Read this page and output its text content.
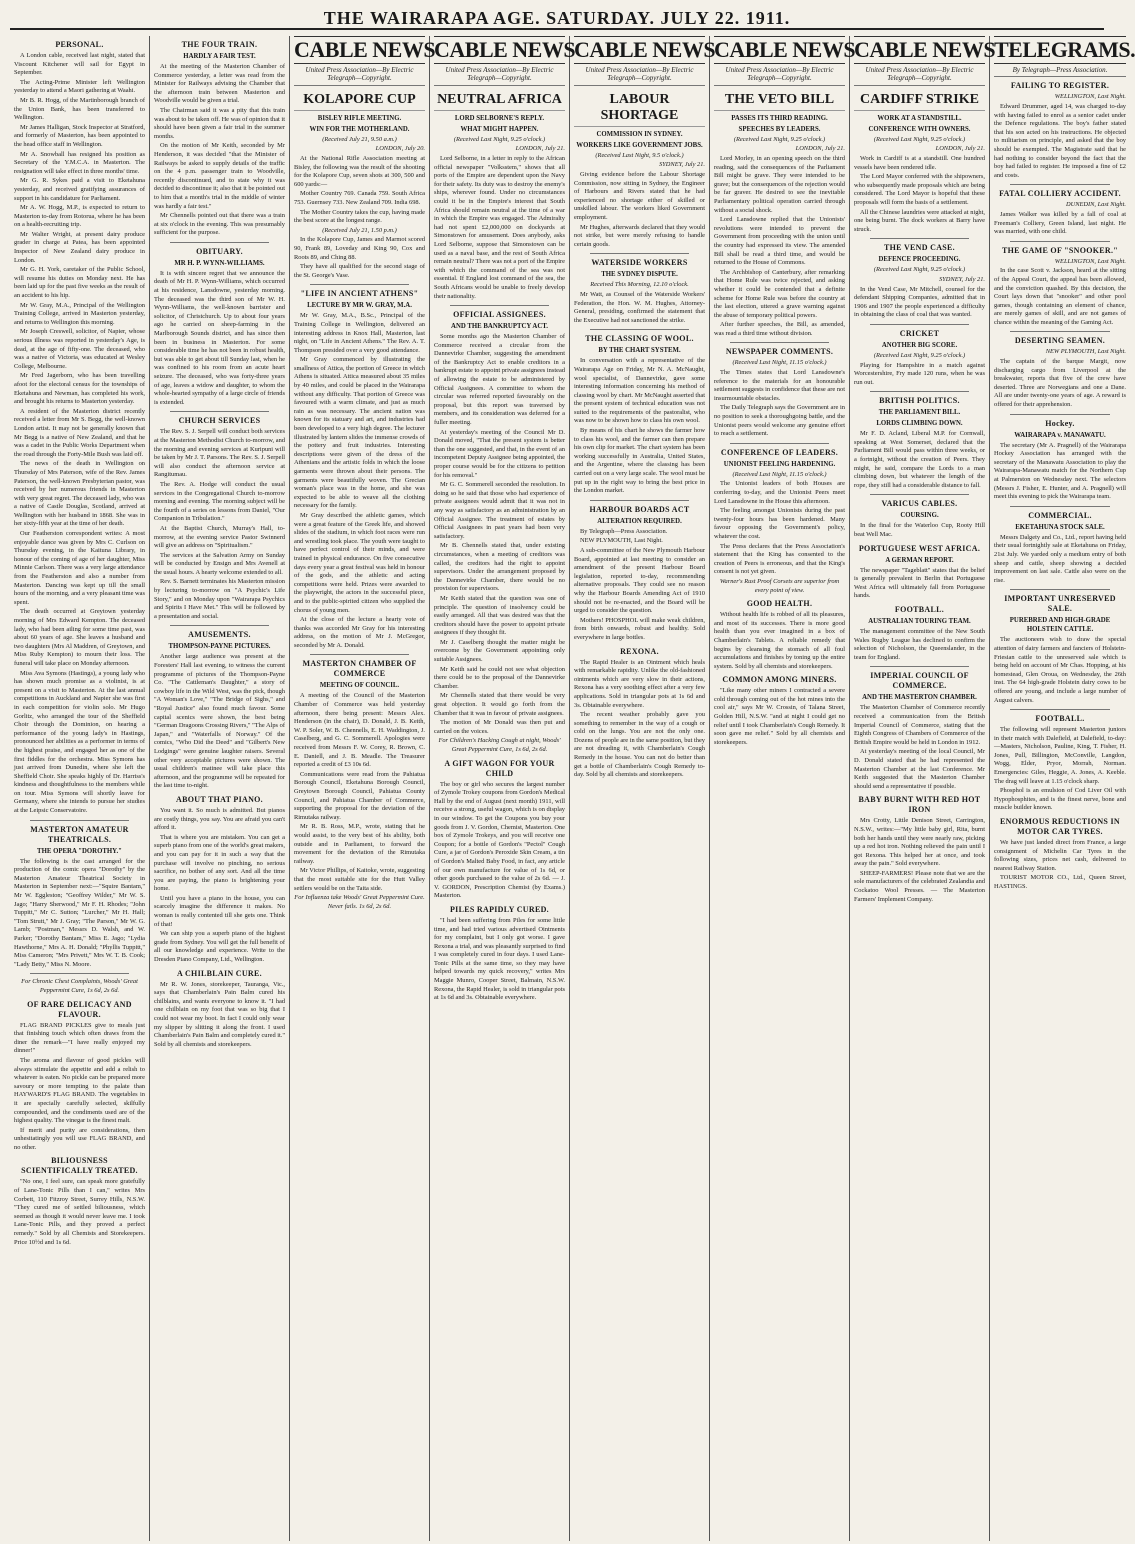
THE WAIRARAPA AGE. SATURDAY. JULY 22. 1911.
PERSONAL.

A London cable, received last night, stated that Viscount Kitchener will sail for Egypt in September.

The Acting-Prime Minister left Wellington yesterday to attend a Maori gathering at Waahi.

Mr B. R. Hogg, of the Martinborough branch of the Union Bank, has been transferred to Wellington.

Mr James Halligan, Stock Inspector at Stratford, and formerly of Masterton, has been appointed to the head office staff in Wellington.

Mr A. Snowball has resigned his position as Secretary of the Y.M.C.A. in Masterton. The resignation will take effect in three months' time.

Mr G. R. Sykes paid a visit to Eketahuna yesterday, and received gratifying assurances of support in his candidature for Parliament.

Mr A. W. Hogg, M.P., is expected to return to Masterton to-day from Rotorua, where he has been on a health-recruiting trip.

Mr Walter Wright, at present dairy produce grader in charge at Patea, has been appointed Inspector of New Zealand dairy produce in London.

Mr G. H. York, caretaker of the Public School, will resume his duties on Monday next. He has been laid up for the past five weeks as the result of an accident to his hip.

Mr W. Gray, M.A., Principal of the Wellington Training College, arrived in Masterton yesterday, and returns to Wellington this morning.

Mr Joseph Creswell, solicitor, of Napier, whose serious illness was reported in yesterday's Age, is dead, at the age of fifty-one. The deceased, who was a native of Victoria, was educated at Wesley College, Melbourne.

Mr Fred Jagerborn, who has been travelling afoot for the electoral census for the townships of Eketahuna and Newman, has completed his work, and brought his returns to Masterton yesterday.

A resident of the Masterton district recently received a letter from Mr S. Begg, the well-known London artist. It may not be generally known that Mr Begg is a native of New Zealand, and that he was a cadet in the Public Works Department when the road through the Forty-Mile Bush was laid off.

The news of the death in Wellington on Thursday of Mrs Paterson, wife of the Rev. James Paterson, the well-known Presbyterian pastor, was received by her numerous friends in Masterton with very great regret. The deceased lady, who was a native of Castle Douglas, Scotland, arrived at Wellington with her husband in 1868. She was in her sixty-fifth year at the time of her death.

Our Featherston correspondent writes: A most enjoyable dance was given by Mrs C. Curlson on Thursday evening, in the Kaituna Library, in honour of the coming of age of her daughter, Miss Minnie Carlson. There was a very large attendance from the Featherston and also a number from Masterton. Dancing was kept up till the small hours of the morning, and a very pleasant time was spent.

The death occurred at Greytown yesterday morning of Mrs Edward Kempton. The deceased lady, who had been ailing for some time past, was about 60 years of age. She leaves a husband and two daughters (Mrs Al Maddren, of Greytown, and Miss Ruby Kempton) to mourn their loss. The funeral will take place on Monday afternoon.

Miss Ava Symons (Hastings), a young lady who has shown much promise as a violinist, is at present on a visit to Masterton. At the last annual competitions in Auckland and Napier she was first in each competition for violin solo. Mr Hugo Gorlitz, who arranged the tour of the Sheffield Choir through the Dominion, on hearing a performance of the young lady's in Hastings, pronounced her abilities as a performer in terms of the highest praise, and engaged her as one of the first fiddles for the orchestra. Miss Symons has just arrived from Dunedin, where she left the Sheffield Choir. She speaks highly of Dr. Harriss's kindness and thoughtfulness to the members while on tour. Miss Symons will shortly leave for Germany, where she intends to pursue her studies at the Leipsic Conservatoire.

MASTERTON AMATEUR THEATRICALS.
THE OPERA "DOROTHY."

The following is the cast arranged for the production of the comic opera "Dorothy" by the Masterton Amateur Theatrical Society in Masterton in September next:—"Squire Bantam," Mr W. Eggleston; "Geoffrey Wilder," Mr W. S. Jago; "Harry Sherwood," Mr F. H. Rhodes; "John Tuppitt," Mr C. Sutton; "Lurcher," Mr H. Hall; "Tom Strutt," Mr J. Gray; "The Parson," Mr W. G. Lamb; "Postman," Messrs D. Walsh, and W. Parker; "Dorothy Bantam," Miss E. Jago; "Lydia Hawthorne," Mrs A. H. Donald; "Phyllis Tuppitt," Miss Cameron; "Mrs Privett," Mrs W. T. B. Cook; "Lady Betty," Miss N. Moore.

For Chronic Chest Complaints, Woods' Great Peppermint Cure, 1s 6d, 2s 6d.

OF RARE DELICACY AND FLAVOUR.

FLAG BRAND PICKLES give to meals just that finishing touch which often draws from the diner the remark—"I have really enjoyed my dinner!"

The aroma and flavour of good pickles will always stimulate the appetite and add a relish to whatever is eaten. No pickle can be prepared more savoury or more tempting to the palate than HAYWARD'S FLAG BRAND. The vegetables in it are specially carefully selected, skilfully compounded, and the condiments used are of the highest quality. The vinegar is the finest malt.

If merit and purity are considerations, then unhesitatingly you will use FLAG BRAND, and no other.

BILIOUSNESS SCIENTIFICALLY TREATED.

"No one, I feel sure, can speak more gratefully of Lane-Tonic Pills than I can," writes Mrs Corbett, 110 Fitzroy Street, Surrey Hills, N.S.W. "They cured me of settled biliousness, which seemed as though it would never leave me. I took Lane-Tonic Pills, and they proved a perfect remedy." Sold by all Chemists and Storekeepers. Price 10½d and 1s 6d.

THE FOUR TRAIN.
HARDLY A FAIR TEST.

At the meeting of the Masterton Chamber of Commerce yesterday, a letter was read from the Minister for Railways advising the Chamber that the afternoon train between Masterton and Woodville would be given a trial.

The Chairman said it was a pity that this train was about to be taken off. He was of opinion that it should have been given a fair trial in the summer months.

On the motion of Mr Keith, seconded by Mr Henderson, it was decided "that the Minister of Railways be asked to supply details of the traffic on the 4 p.m. passenger train to Woodville, recently discontinued, and to state why it was decided to discontinue it; also that it be pointed out to him that a month's trial in the middle of winter was hardly a fair test."

Mr Chennells pointed out that there was a train at six o'clock in the evening. This was presumably sufficient for the purpose.

OBITUARY.
MR H. P. WYNN-WILLIAMS.

It is with sincere regret that we announce the death of Mr H. P. Wynn-Williams, which occurred at his residence, Lansdowne, yesterday morning. The deceased was the third son of Mr W. H. Wynn-Williams, the well-known barrister and solicitor, of Christchurch. Up to about four years ago he carried on sheep-farming in the Marlborough Sounds district, and has since then been in business in Masterton. For some considerable time he has not been in robust health, but was able to get about till Sunday last, when he was confined to his room from an acute heart seizure. The deceased, who was forty-three years of age, leaves a widow and daughter, to whom the whole-hearted sympathy of a large circle of friends is extended.

CHURCH SERVICES

The Rev. S. J. Serpell will conduct both services at the Masterton Methodist Church to-morrow, and the morning and evening services at Kuripuni will be taken by Mr J. T. Parsons. The Rev. S. J. Serpell will also conduct the afternoon service at Rangitumau.

The Rev. A. Hodge will conduct the usual services in the Congregational Church to-morrow morning and evening. The morning subject will be the fourth of a series on lessons from Daniel, "Our Companion in Tribulation."

At the Baptist Church, Murray's Hall, to-morrow, at the evening service Pastor Swinnerd will give an address on "Spiritualism."

The services at the Salvation Army on Sunday will be conducted by Ensign and Mrs Avenell at the usual hours. A hearty welcome extended to all.

Rev. S. Barnett terminates his Masterton mission by lecturing to-morrow on "A Psychic's Life Story," and on Monday upon "Wairarapa Psychics and Spirits I Have Met." This will be followed by a presentation and social.

AMUSEMENTS.
THOMPSON-PAYNE PICTURES.

Another large audience was present at the Foresters' Hall last evening, to witness the current programme of pictures of the Thompson-Payne Co. "The Cattleman's Daughter," a story of cowboy life in the Wild West, was the pick, though "A Woman's Love," "The Bridge of Sighs," and "Royal Justice" also found much favour. Some capital scenics were shown, the best being "German Dragoons Crossing Rivers," "The Alps of Japan," and "Waterfalls of Norway." Of the comics, "Who Did the Deed" and "Gilbert's New Lodgings" were genuine laughter raisers. Several other very acceptable pictures were shown. The usual children's matinee will take place this afternoon, and the programme will be repeated for the last time to-night.

ABOUT THAT PIANO.

You want it. So much is admitted. But pianos are costly things, you say. You are afraid you can't afford it.

That is where you are mistaken. You can get a superb piano from one of the world's great makers, and you can pay for it in such a way that the purchase will involve no pinching, no serious sacrifice, no bother of any sort. And all the time you are paying, the piano is brightening your home.

Until you have a piano in the house, you can scarcely imagine the difference it makes. No woman is really contented till she gets one. Think of that!

We can ship you a superb piano of the highest grade from Sydney. You will get the full benefit of all our knowledge and experience. Write to the Dresden Piano Company, Ltd., Wellington.

A CHILBLAIN CURE.

Mr R. W. Jones, storekeeper, Tauranga, Vic., says that Chamberlain's Pain Balm cured his chilblains, and wants everyone to know it. "I had one chilblain on my foot that was so big that I could not wear my boot. In fact I could only wear my slipper by slitting it along the front. I used Chamberlain's Pain Balm and completely cured it." Sold by all chemists and storekeepers.

CABLE NEWS
United Press Association—By Electric Telegraph—Copyright.
KOLAPORE CUP
BISLEY RIFLE MEETING.
WIN FOR THE MOTHERLAND.

(Received July 21, 9.50 a.m.)

LONDON, July 20.

At the National Rifle Association meeting at Bisley, the following was the result of the shooting for the Kolapore Cup, seven shots at 300, 500 and 600 yards:—

Mother Country 769. Canada 759. South Africa 753. Guernsey 733. New Zealand 709. India 698.

The Mother Country takes the cup, having made the best score at the longest range.

(Received July 21, 1.50 p.m.)

In the Kolapore Cup, James and Marmot scored 90, Frank 89, Loveday and King 90, Cox and Roots 89, and Ching 88.

They have all qualified for the second stage of the St. George's Vase.

"LIFE IN ANCIENT ATHENS"
LECTURE BY MR W. GRAY, M.A.

Mr W. Gray, M.A., B.Sc., Principal of the Training College in Wellington, delivered an interesting address in Knox Hall, Masterton, last night, on "Life in Ancient Athens." The Rev. A. T. Thompson presided over a very good attendance.

Mr Gray commenced by illustrating the smallness of Attica, the portion of Greece in which Athens is situated. Attica measured about 35 miles by 40 miles, and could be placed in the Wairarapa without any difficulty. That portion of Greece was favoured with a warm climate, and just as much rain as was necessary. The ancient nation was known for its statuary and art, and industries had been developed to a very high degree. The lecturer illustrated by lantern slides the immense crowds of the pottery and fruit industries. Interesting descriptions were given of the dress of the Athenians and the artistic folds in which the loose garments were thrown about their persons. The garments were beautifully woven. The Grecian woman's place was in the home, and she was expected to be able to weave all the clothing necessary for the family.

Mr Gray described the athletic games, which were a great feature of the Greek life, and showed slides of the stadium, in which foot races were run and wrestling took place. The youth were taught to have perfect control of their minds, and were trained in physical endurance. On five consecutive days every year a great festival was held in honour of the gods, and the athletic and acting competitions were held. Prizes were awarded to the playwright, the actors in the successful piece, and to the public-spirited citizen who supplied the chorus of young men.

At the close of the lecture a hearty vote of thanks was accorded Mr Gray for his interesting address, on the motion of Mr J. McGregor, seconded by Mr A. Donald.

MASTERTON CHAMBER OF COMMERCE
MEETING OF COUNCIL.

A meeting of the Council of the Masterton Chamber of Commerce was held yesterday afternoon, there being present: Messrs Alex. Henderson (in the chair), D. Donald, J. B. Keith, W. P. Soler, W. B. Chennells, E. H. Waddington, J. Caselberg, and G. C. Sommerell. Apologies were received from Messrs F. W. Corey, R. Brown, C. E. Daniell, and J. B. Meadle. The Treasurer reported a credit of £3 10s 6d.

Communications were read from the Pahiatua Borough Council, Eketahuna Borough Council, Greytown Borough Council, Pahiatua County Council, and Pahiatua Chamber of Commerce, supporting the proposal for the deviation of the Rimutaka railway.

Mr R. B. Ross, M.P., wrote, stating that he would assist, to the very best of his ability, both outside and in Parliament, to forward the movement for the deviation of the Rimutaka railway.

Mr Victor Phillips, of Kaitoke, wrote, suggesting that the most suitable site for the Hutt Valley settlers would be on the Taita side.

For Influenza take Woods' Great Peppermint Cure. Never fails. 1s 6d, 2s 6d.

CABLE NEWS
United Press Association—By Electric Telegraph—Copyright.
NEUTRAL AFRICA
LORD SELBORNE'S REPLY.
WHAT MIGHT HAPPEN.

(Received Last Night, 9.25 o'clock.)

LONDON, July 21.

Lord Selborne, in a letter in reply to the African official newspaper "Volksstem," shows that all ports of the Empire are dependent upon the Navy for their safety. Its duty was to destroy the enemy's ships, wherever found. Under no circumstances could it be in the Empire's interest that South Africa should remain neutral at the time of a war in which the Empire was engaged. The Admiralty had not spent £2,000,000 on dockyards at Simonstown for amusement. Does anybody, asks Lord Selborne, suppose that Simonstown can be used as a naval base, and the rest of South Africa remain neutral? There was not a port of the Empire with which the command of the sea was not essential. If England lost command of the sea, the South Africans would be unable to freely develop their nationality.

OFFICIAL ASSIGNEES.
AND THE BANKRUPTCY ACT.

Some months ago the Masterton Chamber of Commerce received a circular from the Dannevirke Chamber, suggesting the amendment of the Bankruptcy Act to enable creditors in a bankrupt estate to appoint private assignees instead of allowing the estate to be administered by Official Assignees. A committee to whom the circular was referred reported favourably on the proposal, but this report was traversed by members, and its consideration was deferred for a fuller meeting.

At yesterday's meeting of the Council Mr D. Donald moved, "That the present system is better than the one suggested, and that, in the event of an incompetent Deputy Assignee being appointed, the proper course would be for the citizens to petition for his removal."

Mr G. C. Sommerell seconded the resolution. In doing so he said that those who had experience of private assignees would admit that it was not in any way as satisfactory as an administration by an Official Assignee. The treatment of estates by Official Assignees in past years had been very satisfactory.

Mr B. Chennells stated that, under existing circumstances, when a meeting of creditors was called, the creditors had the right to appoint supervisors. Under the arrangement proposed by the Dannevirke Chamber, there would be no provision for supervisors.

Mr Keith stated that the question was one of principle. The question of insolvency could be easily arranged. All that was desired was that the creditors should have the power to appoint private assignees if they thought fit.

Mr J. Caselberg thought the matter might be overcome by the Government appointing only suitable Assignees.

Mr Keith said he could not see what objection there could be to the proposal of the Dannevirke Chamber.

Mr Chennells stated that there would be very great objection. It would go forth from the Chamber that it was in favour of private assignees.

The motion of Mr Donald was then put and carried on the voices.

For Children's Hacking Cough at night, Woods' Great Peppermint Cure, 1s 6d, 2s 6d.

A GIFT WAGON FOR YOUR CHILD

The boy or girl who secures the largest number of Zymole Trokey coupons from Gordon's Medical Hall by the end of August (next month) 1911, will receive a strong, useful wagon, which is on display in our window. To get the Coupons you buy your goods from J. V. Gordon, Chemist, Masterton. One box of Zymole Trokeys, and you will receive one Coupon; for a bottle of Gordon's "Pectol" Cough Cure, a jar of Gordon's Peroxide Skin Cream, a tin of Gordon's Malted Baby Food, in fact, any article of our own manufacture for value of 1s 6d, or other goods purchased to the value of 2s 6d. — J. V. GORDON, Prescription Chemist (by Exams.) Masterton.

PILES RAPIDLY CURED.

"I had been suffering from Piles for some little time, and had tried various advertised Ointments for my complaint, but I only got worse. I gave Rexona a trial, and was pleasantly surprised to find I was completely cured in four days. I used Lane-Tonic Pills at the same time, so they may have helped towards my quick recovery," writes Mrs Maggie Munro, Cooper Street, Balmain, N.S.W. Rexona, the Rapid Healer, is sold in triangular pots at 1s 6d and 3s. Obtainable everywhere.

CABLE NEWS
United Press Association—By Electric Telegraph—Copyright.
LABOUR SHORTAGE
COMMISSION IN SYDNEY.
WORKERS LIKE GOVERNMENT JOBS.

(Received Last Night, 9.5 o'clock.)

SYDNEY, July 21.

Giving evidence before the Labour Shortage Commission, now sitting in Sydney, the Engineer of Harbours and Rivers stated that he had experienced no shortage either of skilled or unskilled labour. The workers liked Government employment.

Mr Hughes, afterwards declared that they would not strike, but were merely refusing to handle certain goods.

WATERSIDE WORKERS
THE SYDNEY DISPUTE.

Received This Morning, 12.10 o'clock.

Mr Watt, as Counsel of the Waterside Workers' Federation, the Hon. W. M. Hughes, Attorney-General, presiding, confirmed the statement that the Executive had not sanctioned the strike.

THE CLASSING OF WOOL.
BY THE CHART SYSTEM.

In conversation with a representative of the Wairarapa Age on Friday, Mr N. A. McNaught, wool specialist, of Dannevirke, gave some interesting information concerning his method of classing wool by chart. Mr McNaught asserted that the present system of technical education was not suited to the requirements of the pastoralist, who was now to be shown how to class his own wool.

By means of his chart he shows the farmer how to class his wool, and the farmer can then prepare his own clip for market. The chart system has been working successfully in Australia, United States, and the Argentine, where the classing has been carried out on a very large scale. The wool must be put up in the right way to bring the best price in the London market.

HARBOUR BOARDS ACT
ALTERATION REQUIRED.

By Telegraph—Press Association.

NEW PLYMOUTH, Last Night.

A sub-committee of the New Plymouth Harbour Board, appointed at last meeting to consider an amendment of the present Harbour Board legislation, reported to-day, recommending alternative proposals. They could see no reason why the Harbour Boards Amending Act of 1910 should not be re-enacted, and the Board will be urged to consider the question.

Mothers! PHOSPHOL will make weak children, from birth onwards, robust and healthy. Sold everywhere in large bottles.

REXONA.

The Rapid Healer is an Ointment which heals with remarkable rapidity. Unlike the old-fashioned ointments which are very slow in their actions, Rexona has a very soothing effect after a very few applications. Sold in triangular pots at 1s 6d and 3s. Obtainable everywhere.

The recent weather probably gave you something to remember in the way of a cough or cold on the lungs. You are not the only one. Dozens of people are in the same position, but they are not dreading it, with Chamberlain's Cough Remedy in the house. You can not do better than get a bottle of Chamberlain's Cough Remedy to-day. Sold by all chemists and storekeepers.

CABLE NEWS
United Press Association—By Electric Telegraph—Copyright.
THE VETO BILL
PASSES ITS THIRD READING.
SPEECHES BY LEADERS.

(Received Last Night, 9.25 o'clock.)

LONDON, July 21.

Lord Morley, in an opening speech on the third reading, said the consequences of the Parliament Bill might be grave. They were intended to be grave; but the consequences of the rejection would be far graver. He desired to see the inevitable Parliamentary political operation carried through without a social shock.

Lord Lansdowne replied that the Unionists' revolutions were intended to prevent the Government from proceeding with the union until the country had expressed its view. The amended Bill shall be read a third time, and would be returned to the House of Commons.

The Archbishop of Canterbury, after remarking that Home Rule was twice rejected, and asking whether it could be contended that a definite scheme for Home Rule was before the country at the last election, uttered a grave warning against the abuse of temporary political powers.

After further speeches, the Bill, as amended, was read a third time without division.

NEWSPAPER COMMENTS.

(Received Last Night, 11.15 o'clock.)

The Times states that Lord Lansdowne's reference to the materials for an honourable settlement suggests in confidence that these are not insurmountable obstacles.

The Daily Telegraph says the Government are in no position to seek a thoroughgoing battle, and the Unionist peers would welcome any genuine effort to reach a settlement.

CONFERENCE OF LEADERS.
UNIONIST FEELING HARDENING.

(Received Last Night, 11.15 o'clock.)

The Unionist leaders of both Houses are conferring to-day, and the Unionist Peers meet Lord Lansdowne in the House this afternoon.

The feeling amongst Unionists during the past twenty-four hours has been hardened. Many favour opposing the Government's policy, whatever the cost.

The Press declares that the Press Association's statement that the King has consented to the creation of Peers is erroneous, and that the King's consent is not yet given.

Warner's Rust Proof Corsets are superior from every point of view.

GOOD HEALTH.

Without health life is robbed of all its pleasures, and most of its successes. There is more good health than you ever imagined in a box of Chamberlain's Tablets. A reliable remedy that begins by cleansing the stomach of all foul accumulations and finishes by toning up the entire system. Sold by all chemists and storekeepers.

COMMON AMONG MINERS.

"Like many other miners I contracted a severe cold through coming out of the hot mines into the cool air," says Mr W. Crossin, of Talana Street, Golden Hill, N.S.W. "and at night I could get no relief until I took Chamberlain's Cough Remedy. It soon gave me relief." Sold by all chemists and storekeepers.

CABLE NEWS
United Press Association—By Electric Telegraph—Copyright.
CARDIFF STRIKE
WORK AT A STANDSTILL.
CONFERENCE WITH OWNERS.

(Received Last Night, 9.25 o'clock.)

LONDON, July 21.

Work in Cardiff is at a standstill. One hundred vessels have been rendered idle.

The Lord Mayor conferred with the shipowners, who subsequently made proposals which are being considered. The Lord Mayor is hopeful that these proposals will form the basis of a settlement.

All the Chinese laundries were attacked at night, one being burnt. The dock workers at Barry have struck.

THE VEND CASE.
DEFENCE PROCEEDING.

(Received Last Night, 9.25 o'clock.)

SYDNEY, July 21.

In the Vend Case, Mr Mitchell, counsel for the defendant Shipping Companies, admitted that in 1906 and 1907 the people experienced a difficulty in obtaining the class of coal that was wanted.

CRICKET
ANOTHER BIG SCORE.

(Received Last Night, 9.25 o'clock.)

Playing for Hampshire in a match against Worcestershire, Fry made 120 runs, when he was run out.

BRITISH POLITICS.
THE PARLIAMENT BILL.
LORDS CLIMBING DOWN.

Mr F. D. Acland, Liberal M.P. for Cornwall, speaking at West Somerset, declared that the Parliament Bill would pass within three weeks, or a fortnight, without the creation of Peers. They might, he said, compare the Lords to a man climbing down, but whatever the length of the rope, they still had a considerable distance to fall.

VARICUS CABLES.
COURSING.

In the final for the Waterloo Cup, Rooty Hill beat Well Mac.

PORTUGUESE WEST AFRICA.
A GERMAN REPORT.

The newspaper "Tageblatt" states that the belief is generally prevalent in Berlin that Portuguese West Africa will ultimately fall from Portuguese hands.

FOOTBALL.
AUSTRALIAN TOURING TEAM.

The management committee of the New South Wales Rugby League has declined to confirm the selection of Nicholson, the Queenslander, in the team for England.

IMPERIAL COUNCIL OF COMMERCE.
AND THE MASTERTON CHAMBER.

The Masterton Chamber of Commerce recently received a communication from the British Imperial Council of Commerce, stating that the Eighth Congress of Chambers of Commerce of the British Empire would be held in London in 1912.

At yesterday's meeting of the local Council, Mr D. Donald stated that he had represented the Masterton Chamber at the last Conference. Mr Keith suggested that the Masterton Chamber should send a representative if possible.

BABY BURNT WITH RED HOT IRON

Mrs Crotty, Little Denison Street, Carrington, N.S.W., writes:—"My little baby girl, Rita, burnt both her hands until they were nearly raw, picking up a red hot iron. Nothing relieved the pain until I got Rexona. This helped her at once, and took away the pain." Sold everywhere.

SHEEP-FARMERS! Please note that we are the sole manufacturers of the celebrated Zealandia and Cockatoo Wool Presses. — The Masterton Farmers' Implement Company.

TELEGRAMS.
By Telegraph—Press Association.
FAILING TO REGISTER.

WELLINGTON, Last Night.

Edward Drummer, aged 14, was charged to-day with having failed to enrol as a senior cadet under the Defence regulations. The boy's father stated that his son acted on his instructions. He objected to militarism on principle, and asked that the boy should be exempted. The Magistrate said that he had nothing to consider beyond the fact that the boy had failed to register. He imposed a fine of £2 and costs.

FATAL COLLIERY ACCIDENT.

DUNEDIN, Last Night.

James Walker was killed by a fall of coal at Freeman's Colliery, Green Island, last night. He was married, with one child.

THE GAME OF "SNOOKER."

WELLINGTON, Last Night.

In the case Scott v. Jackson, heard at the sitting of the Appeal Court, the appeal has been allowed, and the conviction quashed. By this decision, the Court lays down that "snooker" and other pool games, though containing an element of chance, are merely games of skill, and are not games of chance within the meaning of the Gaming Act.

DESERTING SEAMEN.

NEW PLYMOUTH, Last Night.

The captain of the barque Margit, now discharging cargo from Liverpool at the breakwater, reports that five of the crew have deserted. Three are Norwegians and one a Dane. All are under twenty-one years of age. A reward is offered for their apprehension.

Hockey.
WAIRARAPA v. MANAWATU.

The secretary (Mr A. Pragnell) of the Wairarapa Hockey Association has arranged with the secretary of the Manawatu Association to play the Wairarapa-Manawatu match for the Northern Cup at Palmerston on Wednesday next. The selectors (Messrs J. Fisher, E. Hunter, and A. Pragnell) will meet this evening to pick the Wairarapa team.

COMMERCIAL.
EKETAHUNA STOCK SALE.

Messrs Dalgety and Co., Ltd., report having held their usual fortnightly sale at Eketahuna on Friday, 21st July. We yarded only a medium entry of both sheep and cattle, sheep showing a decided improvement on last sale. Cattle also were on the rise.

IMPORTANT UNRESERVED SALE.
PUREBRED AND HIGH-GRADE HOLSTEIN CATTLE.

The auctioneers wish to draw the special attention of dairy farmers and fanciers of Holstein-Friesian cattle to the unreserved sale which is being held on account of Mr Chas. Hopping, at his homestead, Glen Oroua, on Wednesday, the 26th inst. The 64 high-grade Holstein dairy cows to be offered are young, and include a large number of August calvers.

FOOTBALL.

The following will represent Masterton juniors in their match with Dalefield, at Dalefield, to-day:—Masters, Nicholson, Pauline, King, T. Fisher, H. Jones, Pull, Billington, McConville, Langdon, Wogg, Elder, Pryor, Morrah, Norman. Emergencies: Giles, Heggie, A. Jones, A. Keeble. The drag will leave at 1.15 o'clock sharp.

Phosphol is an emulsion of Cod Liver Oil with Hypophosphites, and is the finest nerve, bone and muscle builder known.

ENORMOUS REDUCTIONS IN MOTOR CAR TYRES.

We have just landed direct from France, a large consignment of Michelin Car Tyres in the following sizes, prices net cash, delivered to nearest Railway Station.

TOURIST MOTOR CO., Ltd., Queen Street, HASTINGS.
